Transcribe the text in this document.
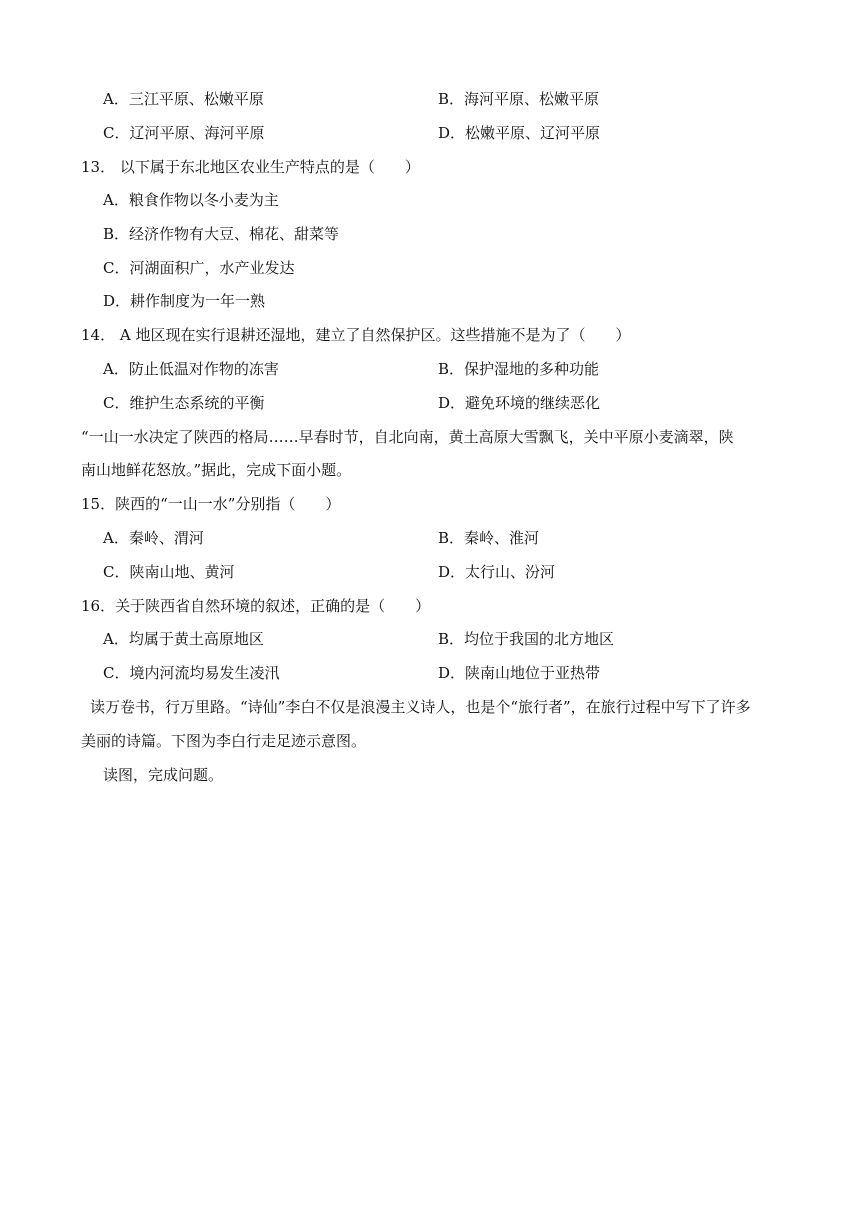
A．三江平原、松嫩平原	B．海河平原、松嫩平原
C．辽河平原、海河平原	D．松嫩平原、辽河平原
13． 以下属于东北地区农业生产特点的是（　　）
A．粮食作物以冬小麦为主
B．经济作物有大豆、棉花、甜菜等
C．河湖面积广，水产业发达
D．耕作制度为一年一熟
14． A 地区现在实行退耕还湿地，建立了自然保护区。这些措施不是为了（　　）
A．防止低温对作物的冻害	B．保护湿地的多种功能
C．维护生态系统的平衡	D．避免环境的继续恶化
“一山一水决定了陕西的格局……早春时节，自北向南，黄土高原大雪飘飞，关中平原小麦滴翠，陕
南山地鲜花怒放。”据此，完成下面小题。
15．陕西的“一山一水”分别指（　　）
A．秦岭、渭河	B．秦岭、淮河
C．陕南山地、黄河	D．太行山、汾河
16．关于陕西省自然环境的叙述，正确的是（　　）
A．均属于黄土高原地区	B．均位于我国的北方地区
C．境内河流均易发生凌汛	D．陕南山地位于亚热带
读万卷书，行万里路。“诗仙”李白不仅是浪漫主义诗人，也是个“旅行者”，在旅行过程中写下了许多
美丽的诗篇。下图为李白行走足迹示意图。
读图，完成问题。
